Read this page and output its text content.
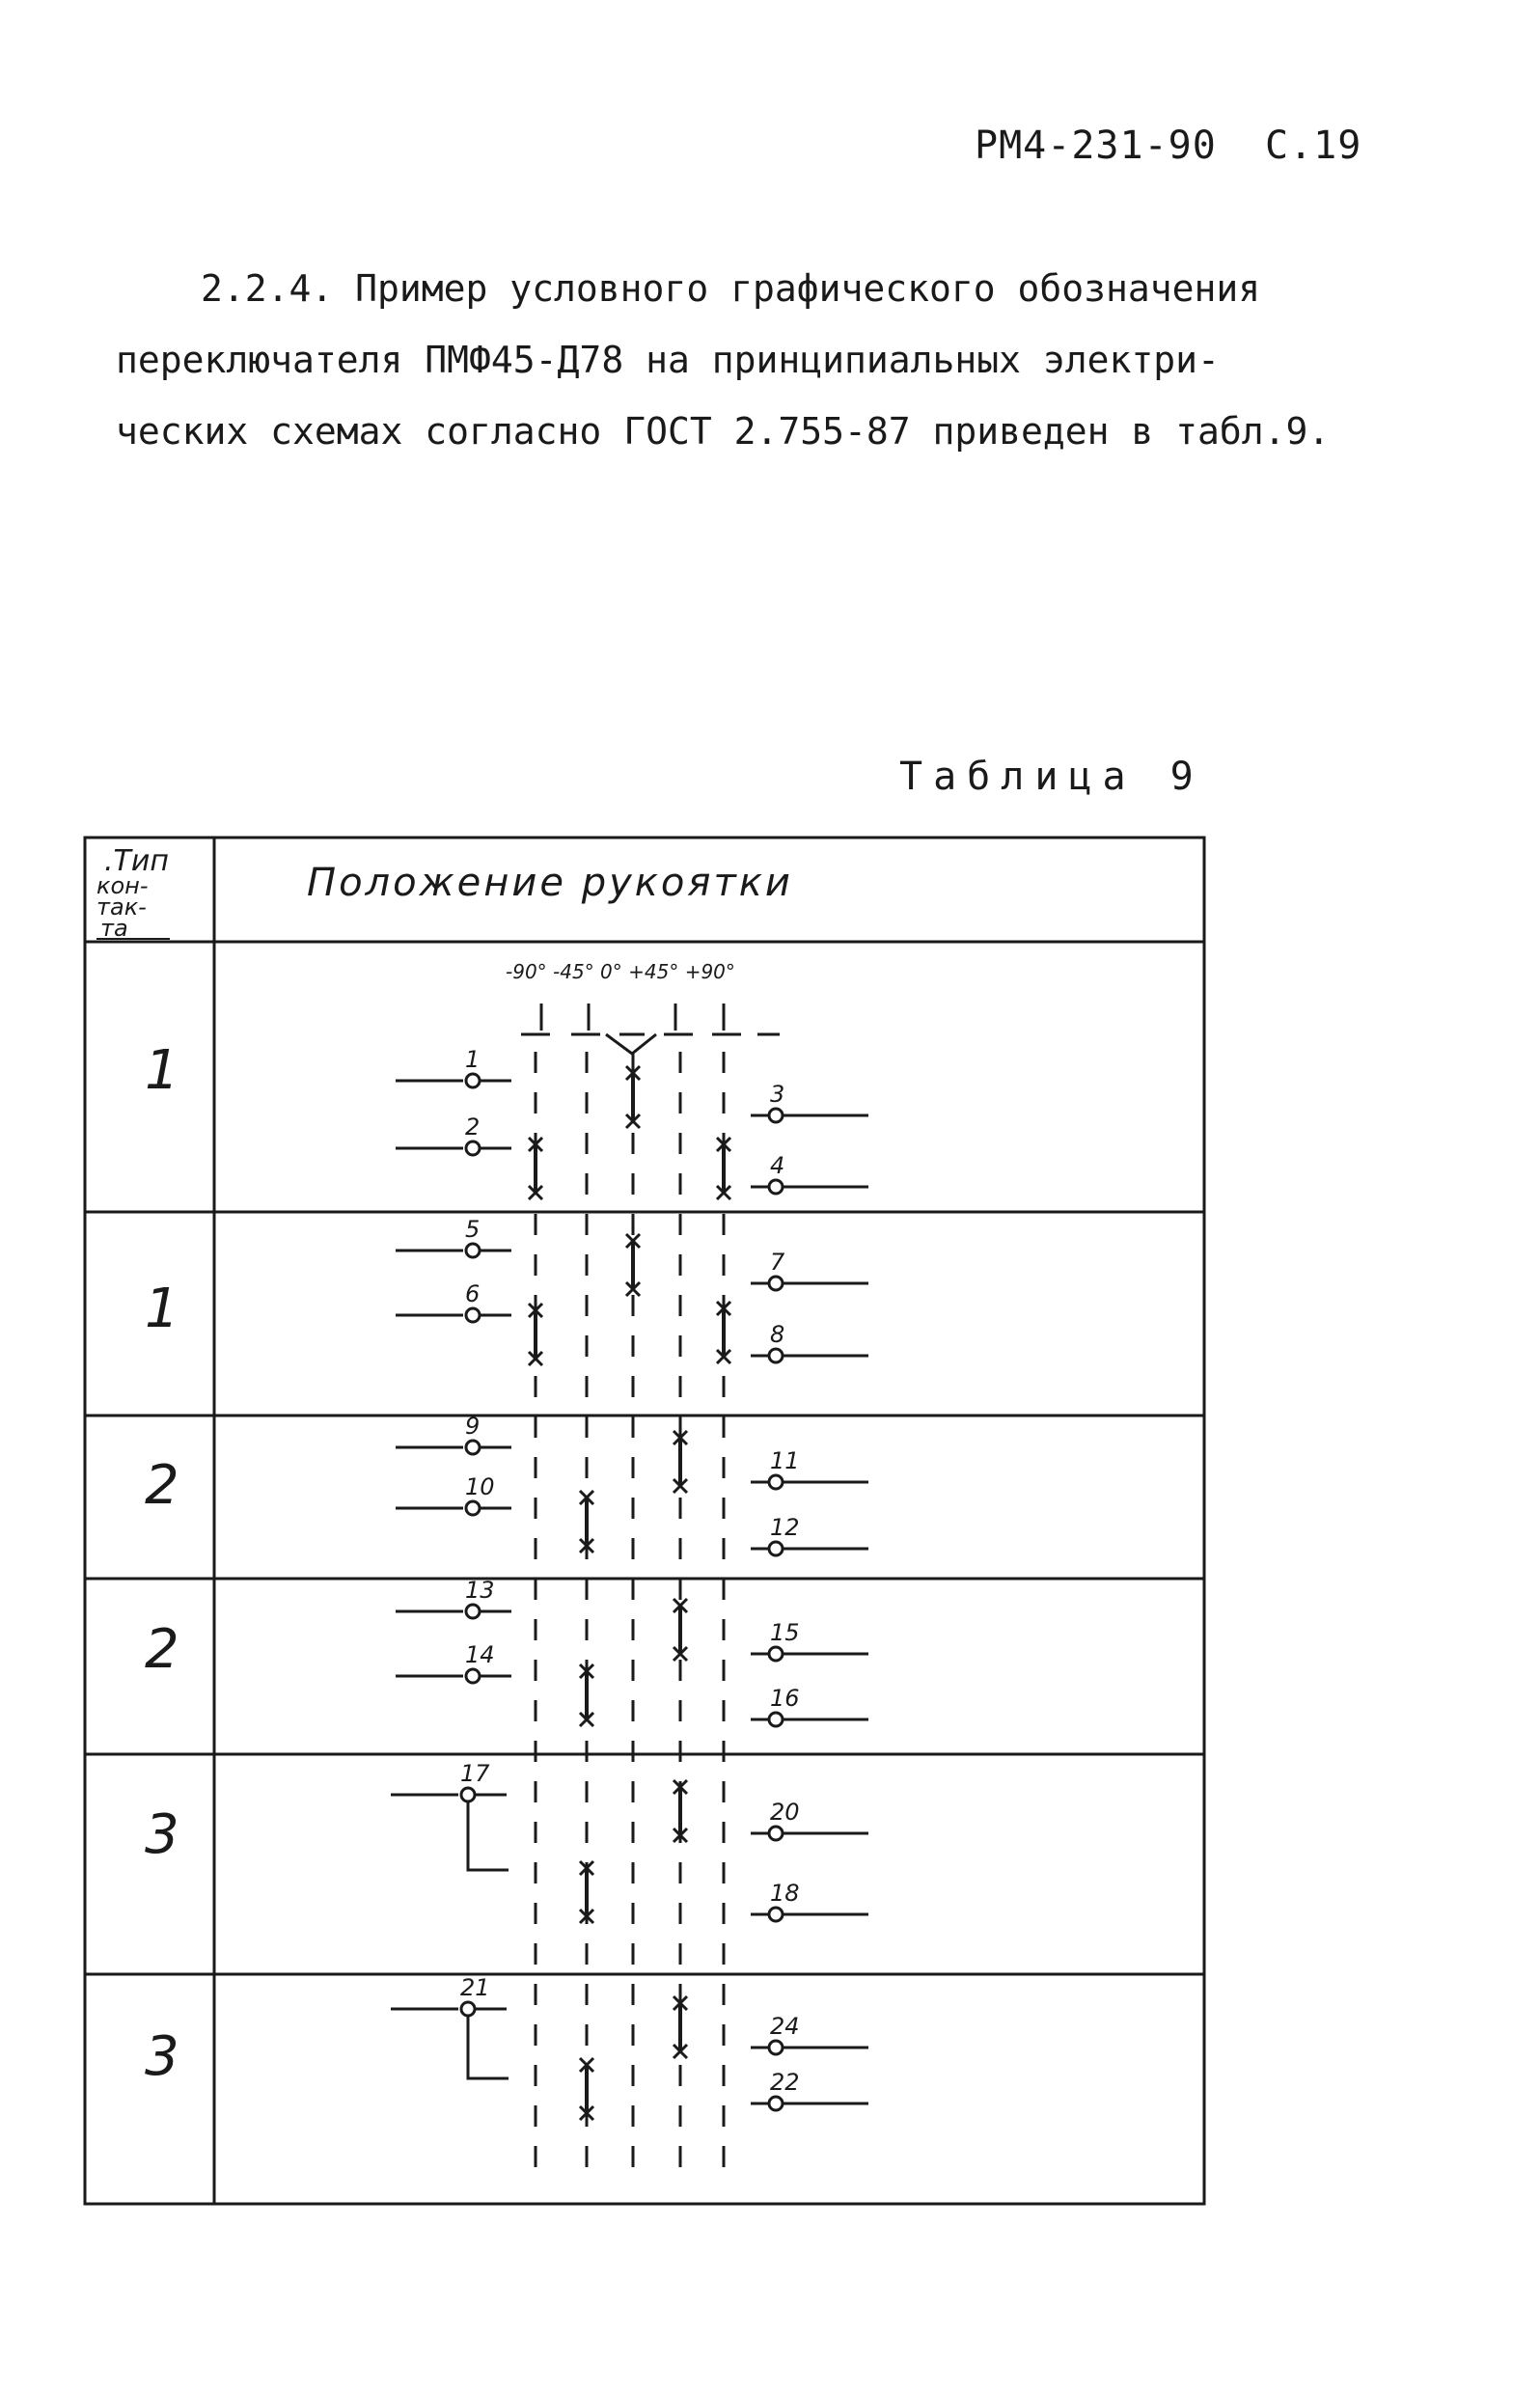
РМ4-231-90 С.19
2.2.4. Пример условного графического обозначения
переключателя ПМФ45-Д78 на принципиальных электри-
ческих схемах согласно ГОСТ 2.755-87 приведен в табл.9.
Таблица 9
.Тип
кон-
так-
та
Положение рукоятки
-90° -45° 0° +45° +90°
1	1
2
3
4
1
5
6
7
8
2
9
10
11
12
2
13
14
15
16
3
17
20
18
3
21
24
22
